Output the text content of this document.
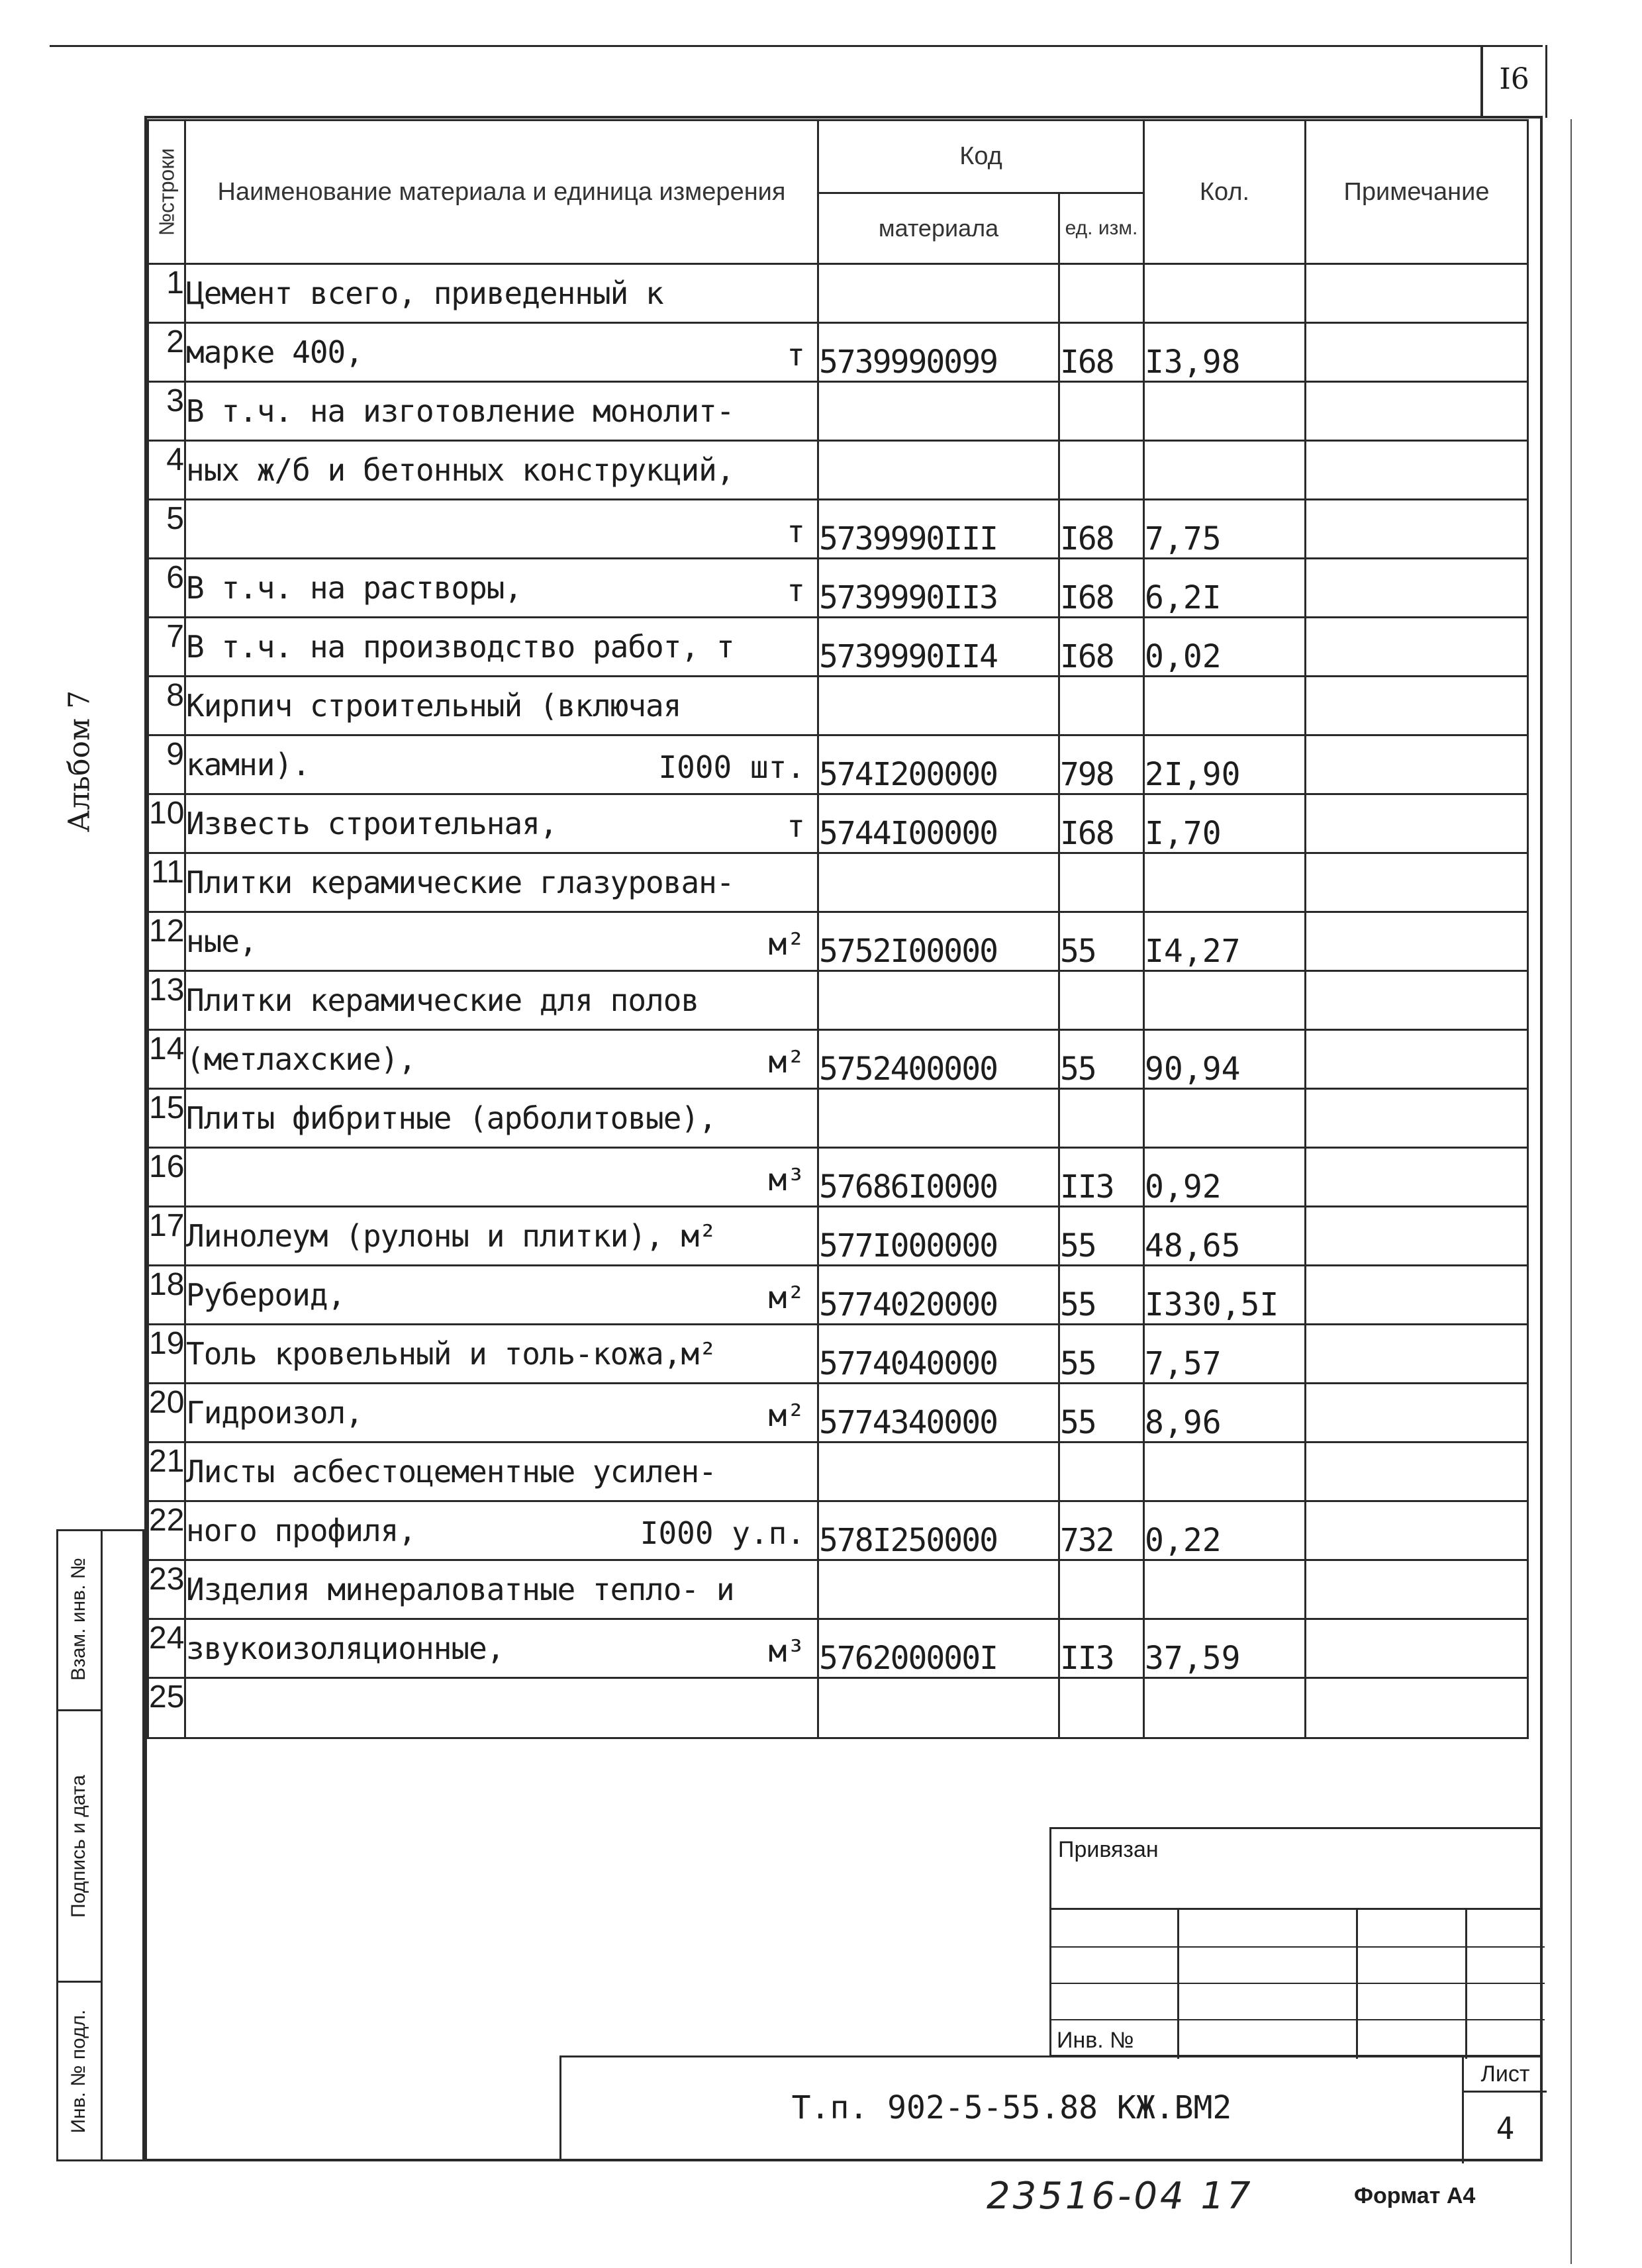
I6
Альбом 7
№строки	Наименование материала и единица измерения	Код		Кол.	Примечание
		материала	ед. изм.		
1	Цемент всего, приведенный к

2	марке 400, т	5739990099	I68	I3,98	
3	В т.ч. на изготовление монолит-

4	ных ж/б и бетонных конструкций,

5	т	5739990III	I68	7,75	
6	В т.ч. на растворы, т	5739990II3	I68	6,2I	
7	В т.ч. на производство работ, т	5739990II4	I68	0,02	
8	Кирпич строительный (включая

9	камни). I000 шт.	574I200000	798	2I,90	
10	Известь строительная, т	5744I00000	I68	I,70	
11	Плитки керамические глазурован-

12	ные, м²	5752I00000	55	I4,27	
13	Плитки керамические для полов

14	(метлахские), м²	5752400000	55	90,94	
15	Плиты фибритные (арболитовые),

16	м³	57686I0000	II3	0,92	
17	Линолеум (рулоны и плитки), м²	577I000000	55	48,65	
18	Рубероид, м²	5774020000	55	I330,5I	
19	Толь кровельный и толь-кожа,м²	5774040000	55	7,57	
20	Гидроизол, м²	5774340000	55	8,96	
21	Листы асбестоцементные усилен-

22	ного профиля, I000 у.п.	578I250000	732	0,22	
23	Изделия минераловатные тепло- и

24	звукоизоляционные, м³	576200000I	II3	37,59	
25	

Взам. инв. №
Подпись и дата
Инв. № подл.
Привязан
Инв. №
Т.п. 902-5-55.88 КЖ.ВМ2
Лист
4
23516-04 17	Формат А4
